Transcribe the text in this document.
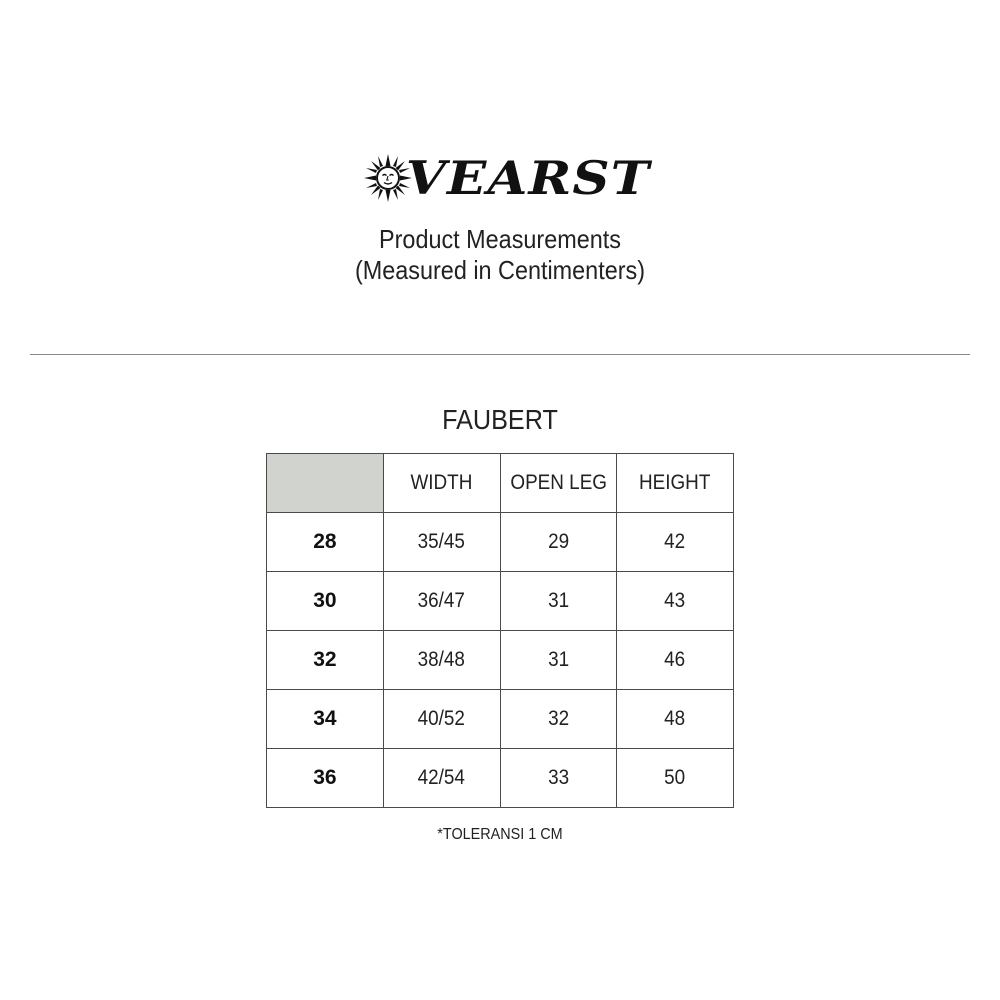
VEARST
Product Measurements
(Measured in Centimenters)
FAUBERT
	WIDTH	OPEN LEG	HEIGHT
28	35/45	29	42
30	36/47	31	43
32	38/48	31	46
34	40/52	32	48
36	42/54	33	50
*TOLERANSI 1 CM
